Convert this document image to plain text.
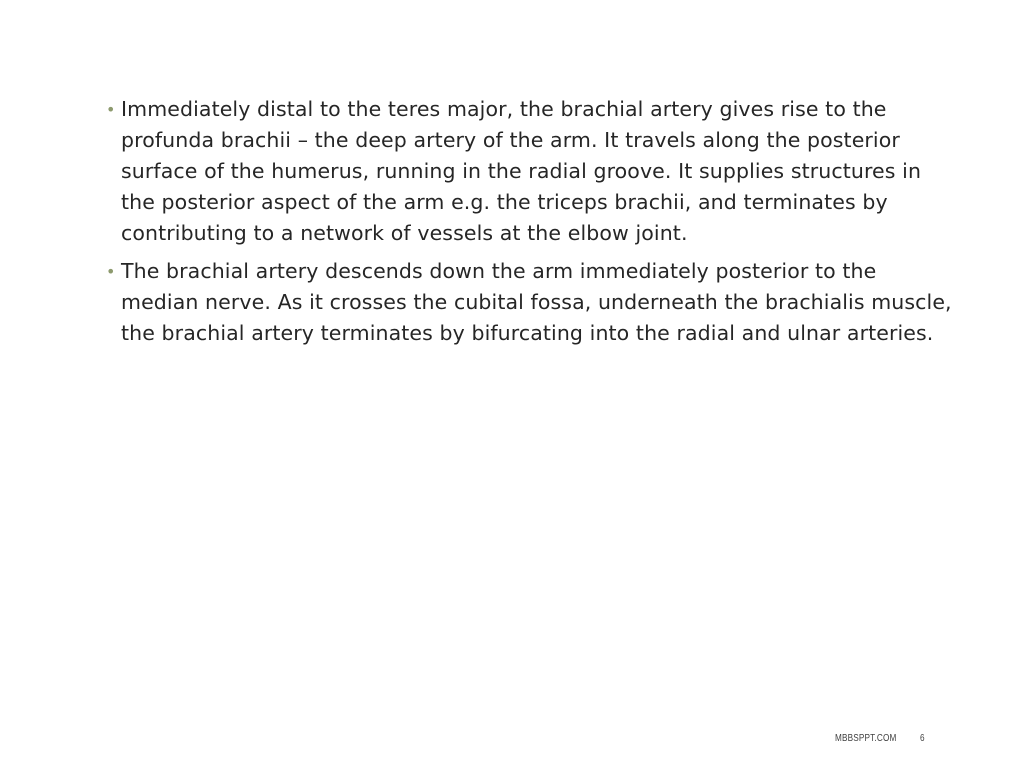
• Immediately distal to the teres major, the brachial artery gives rise to the profunda brachii – the deep artery of the arm. It travels along the posterior surface of the humerus, running in the radial groove. It supplies structures in the posterior aspect of the arm e.g. the triceps brachii, and terminates by contributing to a network of vessels at the elbow joint.
• The brachial artery descends down the arm immediately posterior to the median nerve. As it crosses the cubital fossa, underneath the brachialis muscle, the brachial artery terminates by bifurcating into the radial and ulnar arteries.
MBBSPPT.COM 6
